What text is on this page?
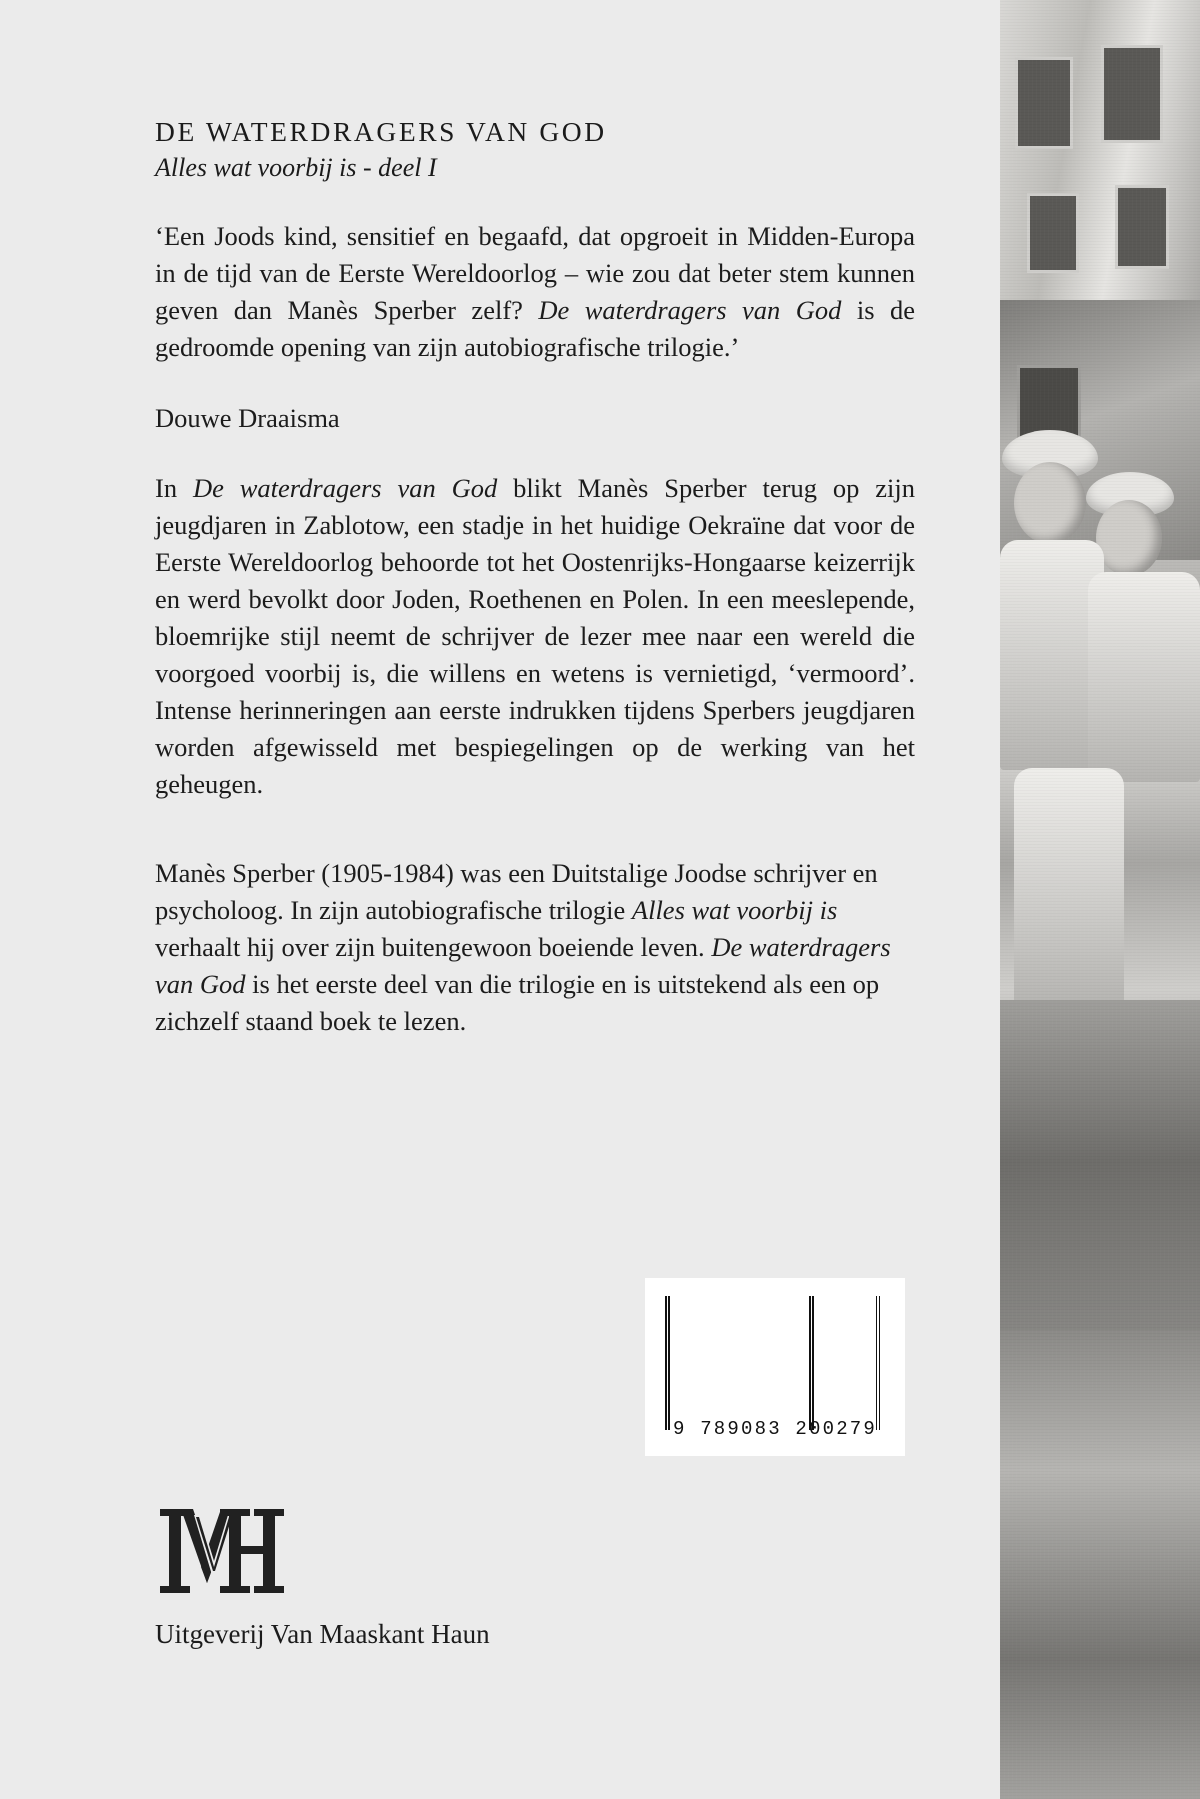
DE WATERDRAGERS VAN GOD
Alles wat voorbij is - deel I
‘Een Joods kind, sensitief en begaafd, dat opgroeit in Midden-Europa in de tijd van de Eerste Wereldoorlog – wie zou dat beter stem kunnen geven dan Manès Sperber zelf? De waterdragers van God is de gedroomde opening van zijn autobiografische trilogie.’
Douwe Draaisma
In De waterdragers van God blikt Manès Sperber terug op zijn jeugdjaren in Zablotow, een stadje in het huidige Oekraïne dat voor de Eerste Wereldoorlog behoorde tot het Oostenrijks-Hongaarse keizerrijk en werd bevolkt door Joden, Roethenen en Polen. In een meeslepende, bloemrijke stijl neemt de schrijver de lezer mee naar een wereld die voorgoed voorbij is, die willens en wetens is vernietigd, ‘vermoord’. Intense herinneringen aan eerste indrukken tijdens Sperbers jeugdjaren worden afgewisseld met bespiegelingen op de werking van het geheugen.
Manès Sperber (1905-1984) was een Duitstalige Joodse schrijver en psycholoog. In zijn autobiografische trilogie Alles wat voorbij is verhaalt hij over zijn buitengewoon boeiende leven. De waterdragers van God is het eerste deel van die trilogie en is uitstekend als een op zichzelf staand boek te lezen.
Uitgeverij Van Maaskant Haun
9 789083 200279
